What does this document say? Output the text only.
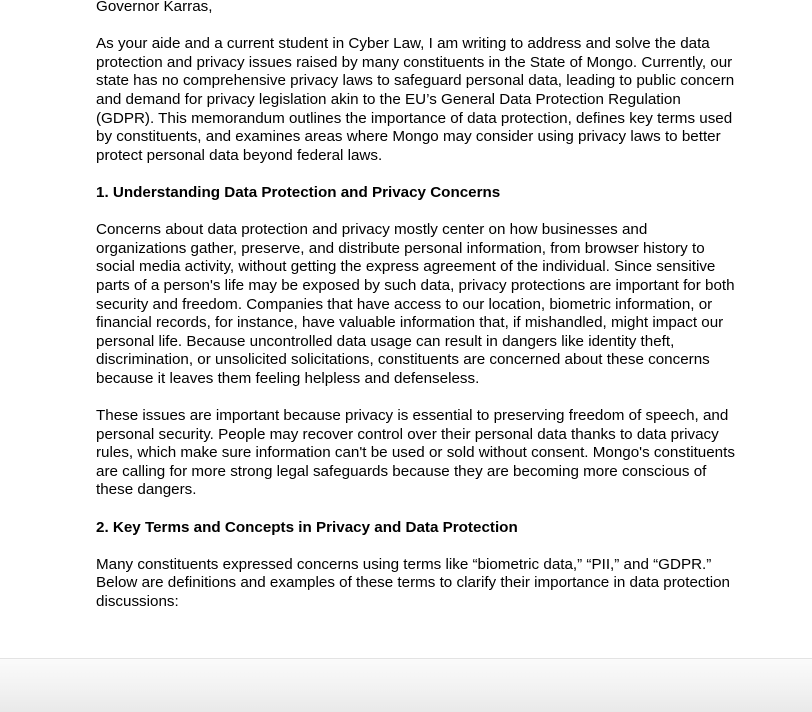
Governor Karras,

As your aide and a current student in Cyber Law, I am writing to address and solve the data protection and privacy issues raised by many constituents in the State of Mongo. Currently, our state has no comprehensive privacy laws to safeguard personal data, leading to public concern and demand for privacy legislation akin to the EU’s General Data Protection Regulation (GDPR). This memorandum outlines the importance of data protection, defines key terms used by constituents, and examines areas where Mongo may consider using privacy laws to better protect personal data beyond federal laws.

1. Understanding Data Protection and Privacy Concerns

Concerns about data protection and privacy mostly center on how businesses and organizations gather, preserve, and distribute personal information, from browser history to social media activity, without getting the express agreement of the individual. Since sensitive parts of a person's life may be exposed by such data, privacy protections are important for both security and freedom. Companies that have access to our location, biometric information, or financial records, for instance, have valuable information that, if mishandled, might impact our personal life. Because uncontrolled data usage can result in dangers like identity theft, discrimination, or unsolicited solicitations, constituents are concerned about these concerns because it leaves them feeling helpless and defenseless.

These issues are important because privacy is essential to preserving freedom of speech, and personal security. People may recover control over their personal data thanks to data privacy rules, which make sure information can't be used or sold without consent. Mongo's constituents are calling for more strong legal safeguards because they are becoming more conscious of these dangers.

2. Key Terms and Concepts in Privacy and Data Protection

Many constituents expressed concerns using terms like “biometric data,” “PII,” and “GDPR.” Below are definitions and examples of these terms to clarify their importance in data protection discussions:
